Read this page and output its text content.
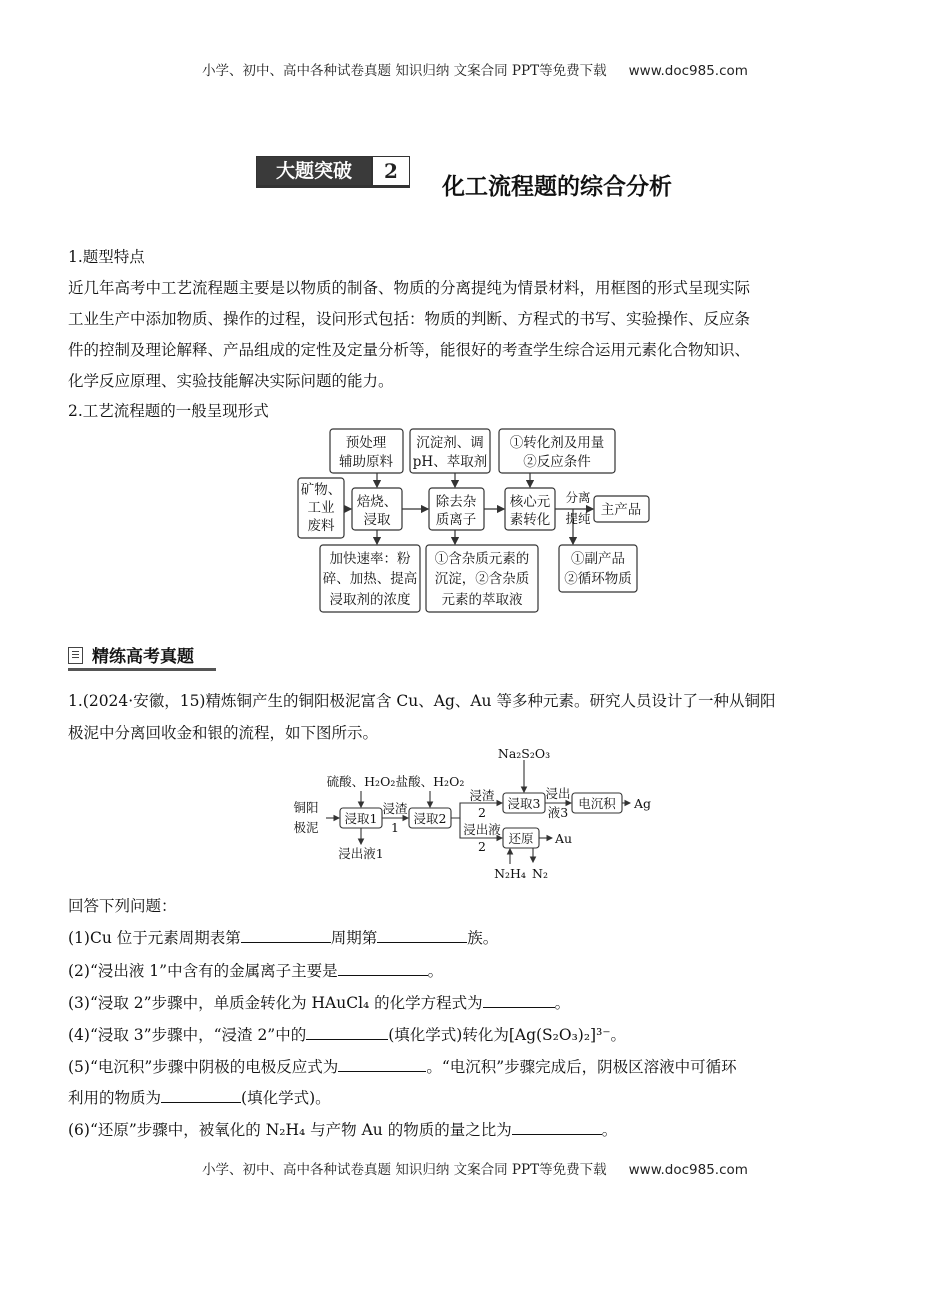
小学、初中、高中各种试卷真题 知识归纳 文案合同 PPT等免费下载 www.doc985.com
大题突破	2
化工流程题的综合分析
1.题型特点
近几年高考中工艺流程题主要是以物质的制备、物质的分离提纯为情景材料，用框图的形式呈现实际
工业生产中添加物质、操作的过程，设问形式包括：物质的判断、方程式的书写、实验操作、反应条
件的控制及理论解释、产品组成的定性及定量分析等，能很好的考查学生综合运用元素化合物知识、
化学反应原理、实验技能解决实际问题的能力。
2.工艺流程题的一般呈现形式
预处理
辅助原料
沉淀剂、调
pH、萃取剂
①转化剂及用量
②反应条件
矿物、
工业
废料
焙烧、
浸取
除去杂
质离子
核心元
素转化
分离
提纯
主产品
加快速率：粉
碎、加热、提高
浸取剂的浓度
①含杂质元素的
沉淀，②含杂质
元素的萃取液
①副产品
②循环物质
精练高考真题
1.(2024·安徽，15)精炼铜产生的铜阳极泥富含 Cu、Ag、Au 等多种元素。研究人员设计了一种从铜阳
极泥中分离回收金和银的流程，如下图所示。
铜阳
极泥
硫酸、H₂O₂
浸取1
浸渣
1
盐酸、H₂O₂
浸取2
浸渣
2
Na₂S₂O₃
浸取3
浸出
液3
电沉积 Ag
浸出液
2
还原 Au
N₂H₄ N₂
浸出液1
回答下列问题：
(1)Cu 位于元素周期表第	周期第	族。
(2)“浸出液 1”中含有的金属离子主要是	。
(3)“浸取 2”步骤中，单质金转化为 HAuCl₄ 的化学方程式为	。
(4)“浸取 3”步骤中，“浸渣 2”中的	(填化学式)转化为[Ag(S₂O₃)₂]³⁻。
(5)“电沉积”步骤中阴极的电极反应式为	。“电沉积”步骤完成后，阴极区溶液中可循环
利用的物质为	(填化学式)。
(6)“还原”步骤中，被氧化的 N₂H₄ 与产物 Au 的物质的量之比为	。
小学、初中、高中各种试卷真题 知识归纳 文案合同 PPT等免费下载 www.doc985.com
